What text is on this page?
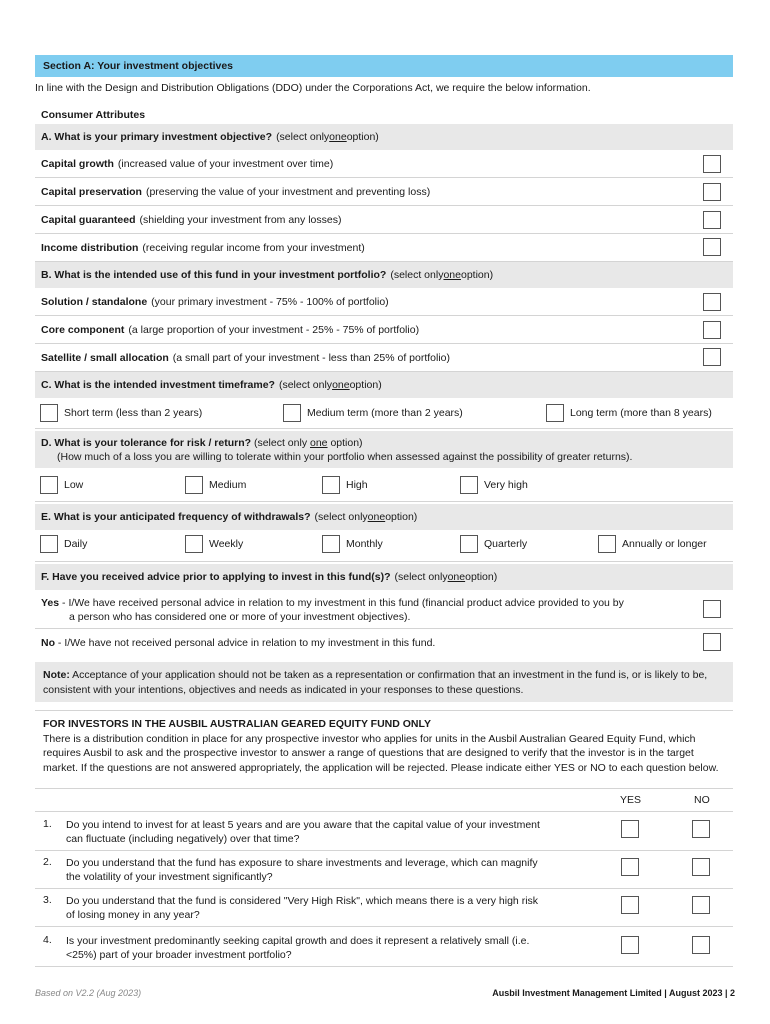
Section A: Your investment objectives
In line with the Design and Distribution Obligations (DDO) under the Corporations Act, we require the below information.
Consumer Attributes
A. What is your primary investment objective? (select only one option)
Capital growth (increased value of your investment over time)
Capital preservation (preserving the value of your investment and preventing loss)
Capital guaranteed (shielding your investment from any losses)
Income distribution (receiving regular income from your investment)
B. What is the intended use of this fund in your investment portfolio? (select only one option)
Solution / standalone (your primary investment - 75% - 100% of portfolio)
Core component (a large proportion of your investment - 25% - 75% of portfolio)
Satellite / small allocation (a small part of your investment - less than 25% of portfolio)
C. What is the intended investment timeframe? (select only one option)
Short term (less than 2 years)	Medium term (more than 2 years)	Long term (more than 8 years)
D. What is your tolerance for risk / return? (select only one option)
(How much of a loss you are willing to tolerate within your portfolio when assessed against the possibility of greater returns).
Low	Medium	High	Very high
E. What is your anticipated frequency of withdrawals? (select only one option)
Daily	Weekly	Monthly	Quarterly	Annually or longer
F. Have you received advice prior to applying to invest in this fund(s)? (select only one option)
Yes - I/We have received personal advice in relation to my investment in this fund (financial product advice provided to you by
a person who has considered one or more of your investment objectives).
No - I/We have not received personal advice in relation to my investment in this fund.
Note: Acceptance of your application should not be taken as a representation or confirmation that an investment in the fund is, or is likely to be, consistent with your intentions, objectives and needs as indicated in your responses to these questions.
FOR INVESTORS IN THE AUSBIL AUSTRALIAN GEARED EQUITY FUND ONLY
There is a distribution condition in place for any prospective investor who applies for units in the Ausbil Australian Geared Equity Fund, which requires Ausbil to ask and the prospective investor to answer a range of questions that are designed to verify that the investor is in the target market. If the questions are not answered appropriately, the application will be rejected. Please indicate either YES or NO to each question below.
YES	NO
1. Do you intend to invest for at least 5 years and are you aware that the capital value of your investment
can fluctuate (including negatively) over that time?
2. Do you understand that the fund has exposure to share investments and leverage, which can magnify
the volatility of your investment significantly?
3. Do you understand that the fund is considered "Very High Risk", which means there is a very high risk
of losing money in any year?
4. Is your investment predominantly seeking capital growth and does it represent a relatively small (i.e.
<25%) part of your broader investment portfolio?
Based on V2.2 (Aug 2023)	Ausbil Investment Management Limited | August 2023 | 2
